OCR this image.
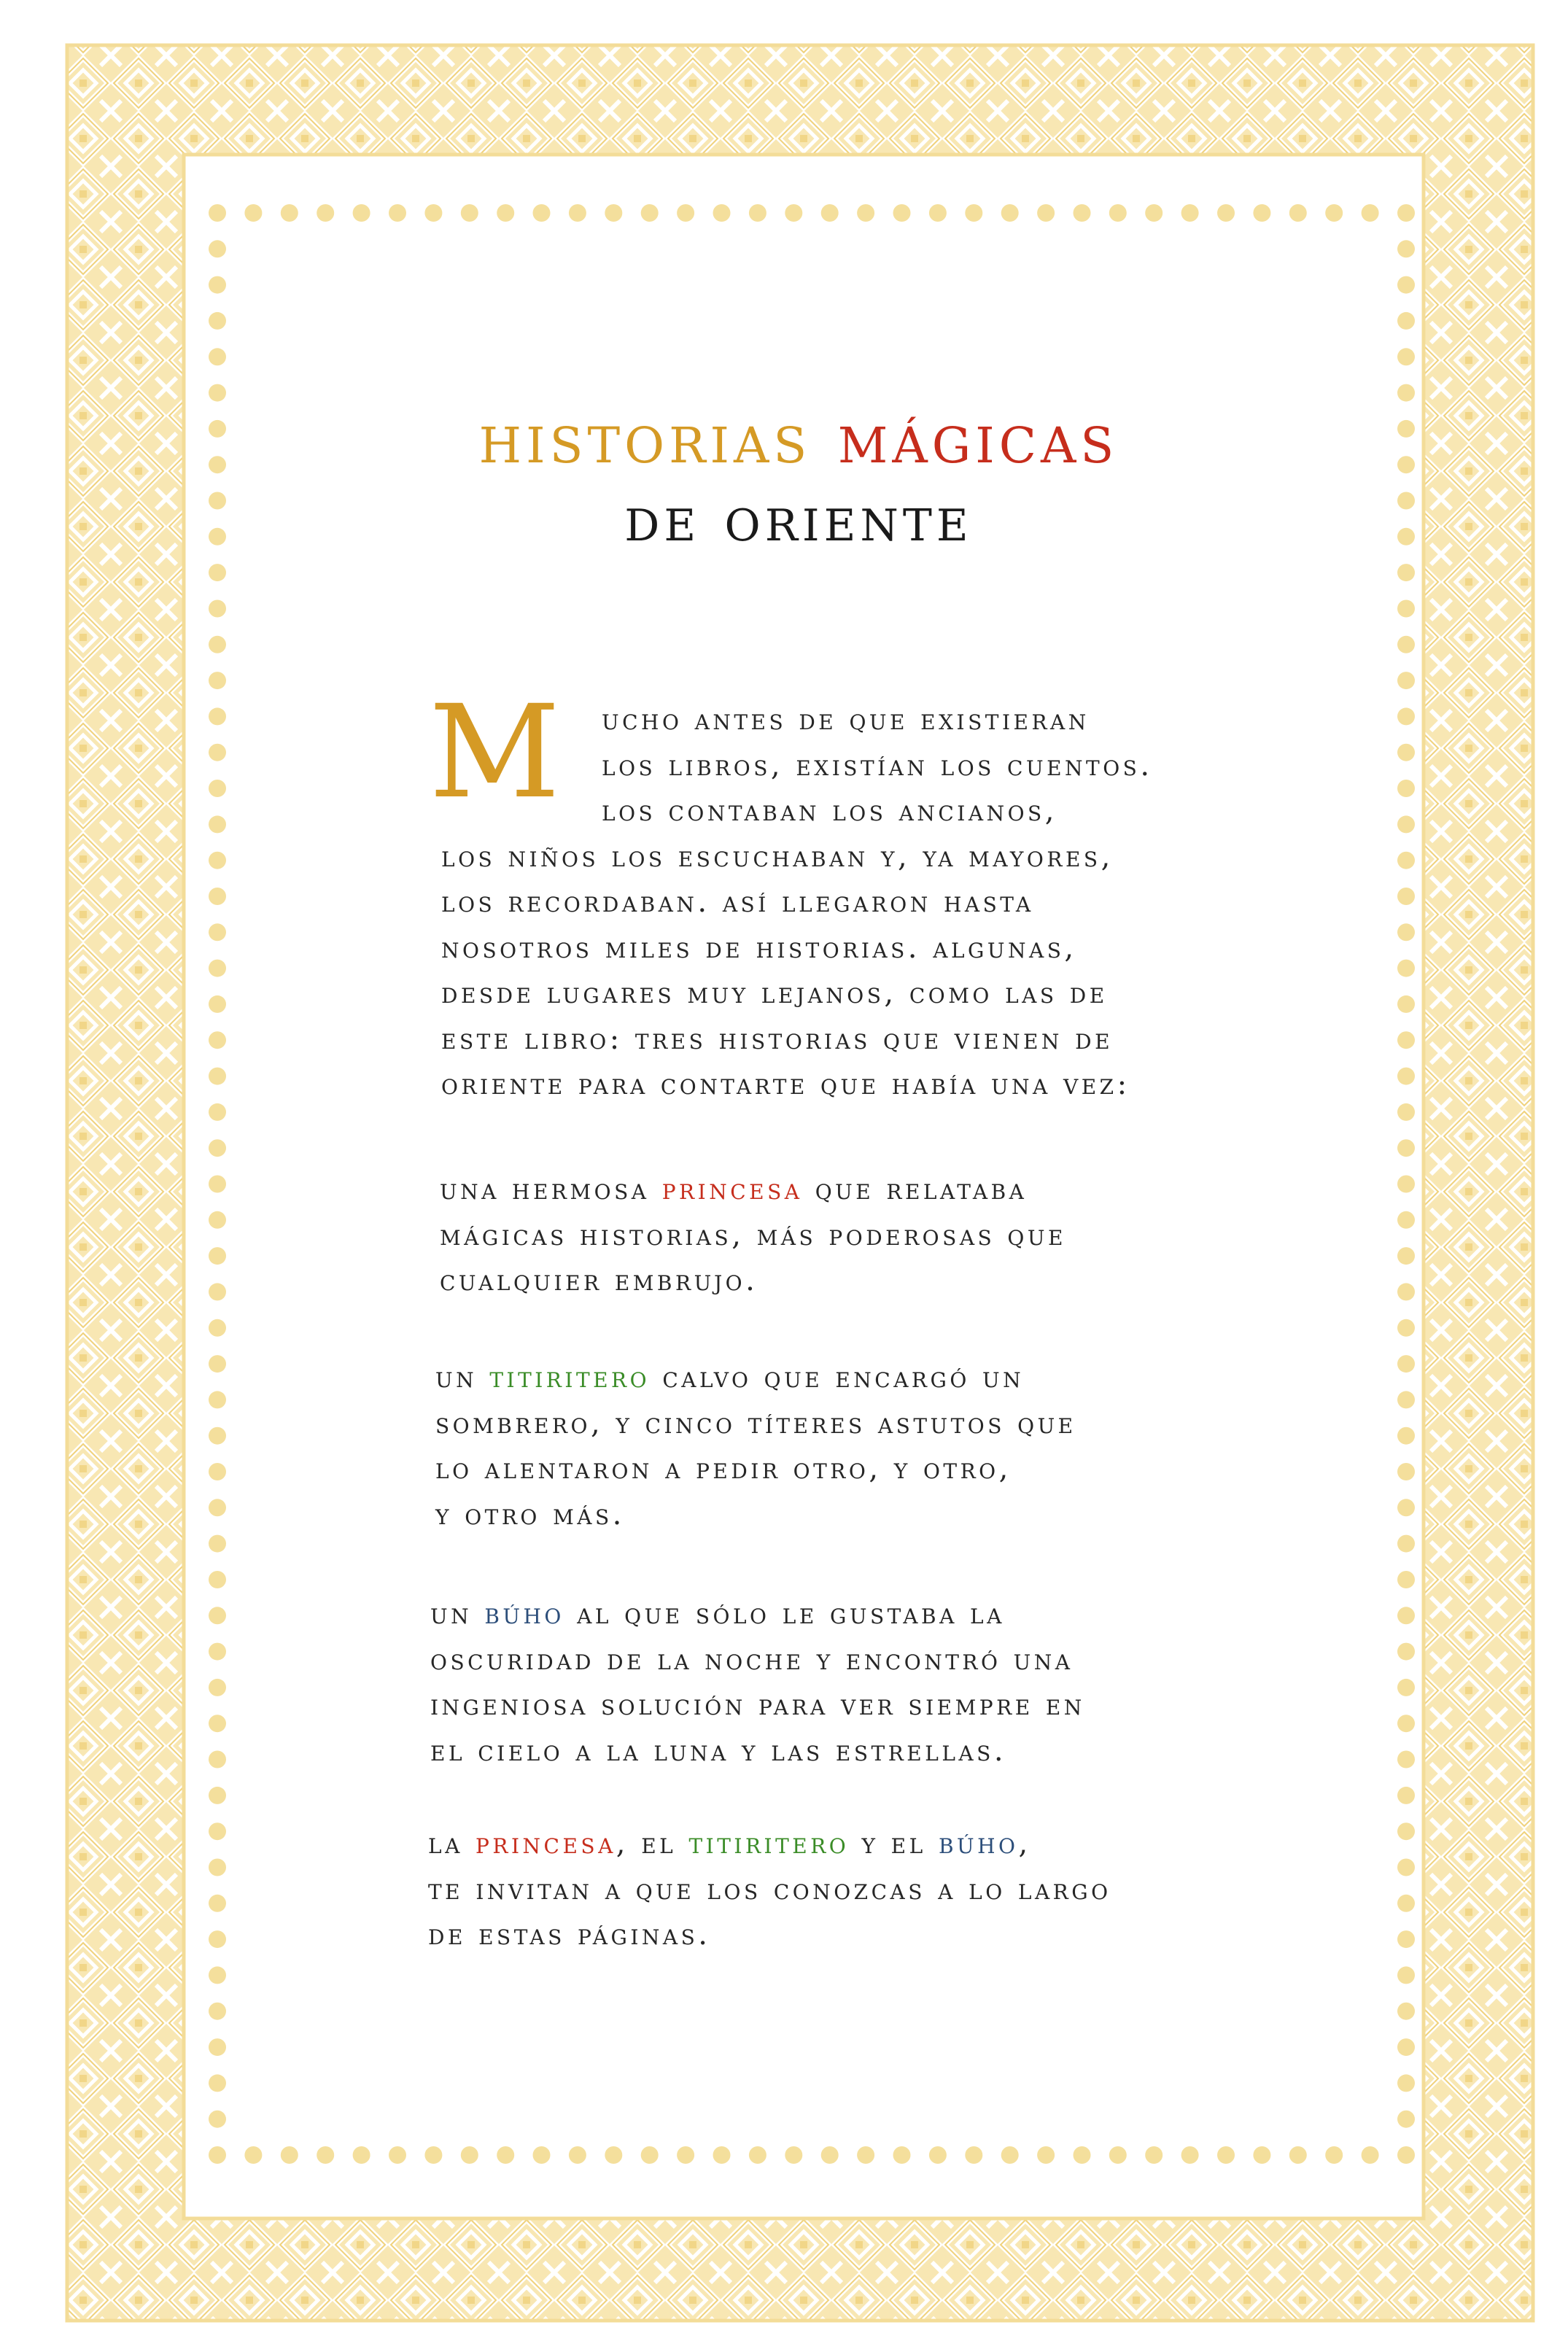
historias mágicas
de oriente
M	ucho antes de que existieran
los libros, existían los cuentos.
los contaban los ancianos,
los niños los escuchaban y, ya mayores,
los recordaban. así llegaron hasta
nosotros miles de historias. algunas,
desde lugares muy lejanos, como las de
este libro: tres historias que vienen de
oriente para contarte que había una vez:
una hermosa princesa que relataba
mágicas historias, más poderosas que
cualquier embrujo.
un titiritero calvo que encargó un
sombrero, y cinco títeres astutos que
lo alentaron a pedir otro, y otro,
y otro más.
un búho al que sólo le gustaba la
oscuridad de la noche y encontró una
ingeniosa solución para ver siempre en
el cielo a la luna y las estrellas.
la princesa, el titiritero y el búho,
te invitan a que los conozcas a lo largo
de estas páginas.
